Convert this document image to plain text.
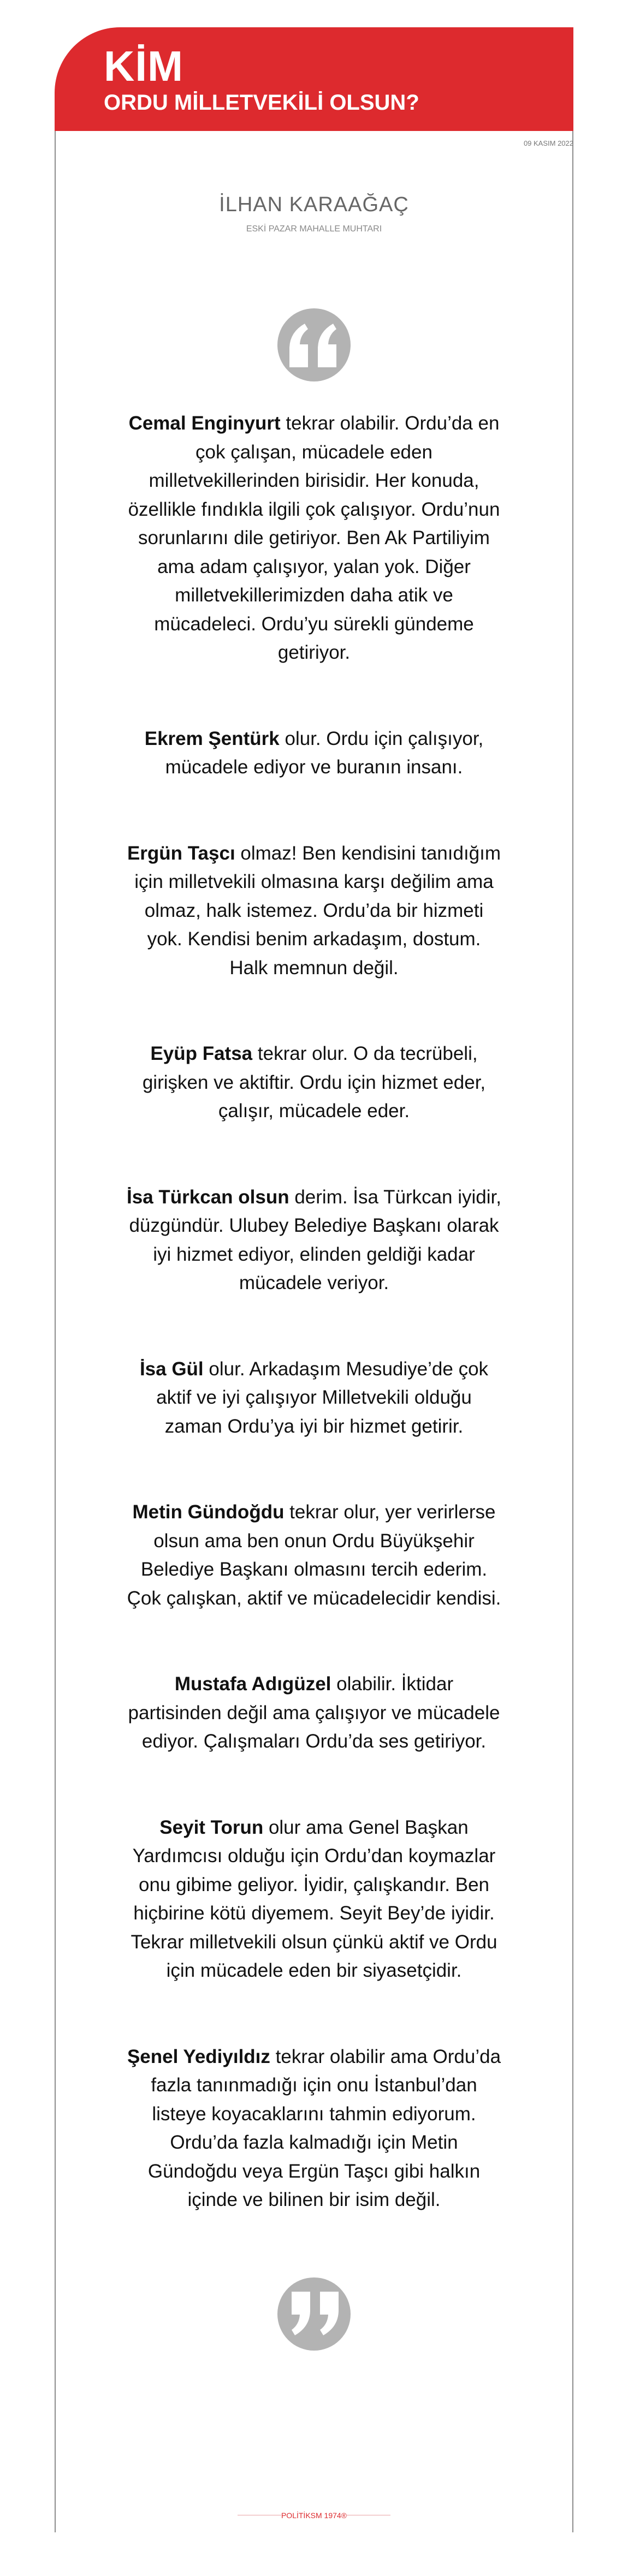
KİM
ORDU MİLLETVEKİLİ OLSUN?
09 KASIM 2022
İLHAN KARAAĞAÇ
ESKİ PAZAR MAHALLE MUHTARI

Cemal Enginyurt tekrar olabilir. Ordu’da en çok çalışan, mücadele eden milletvekillerinden birisidir. Her konuda, özellikle fındıkla ilgili çok çalışıyor. Ordu’nun sorunlarını dile getiriyor. Ben Ak Partiliyim ama adam çalışıyor, yalan yok. Diğer milletvekillerimizden daha atik ve mücadeleci. Ordu’yu sürekli gündeme getiriyor.

Ekrem Şentürk olur. Ordu için çalışıyor, mücadele ediyor ve buranın insanı.

Ergün Taşcı olmaz! Ben kendisini tanıdığım için milletvekili olmasına karşı değilim ama olmaz, halk istemez. Ordu’da bir hizmeti yok. Kendisi benim arkadaşım, dostum. Halk memnun değil.

Eyüp Fatsa tekrar olur. O da tecrübeli, girişken ve aktiftir. Ordu için hizmet eder, çalışır, mücadele eder.

İsa Türkcan olsun derim. İsa Türkcan iyidir, düzgündür. Ulubey Belediye Başkanı olarak iyi hizmet ediyor, elinden geldiği kadar mücadele veriyor.

İsa Gül olur. Arkadaşım Mesudiye’de çok aktif ve iyi çalışıyor Milletvekili olduğu zaman Ordu’ya iyi bir hizmet getirir.

Metin Gündoğdu tekrar olur, yer verirlerse olsun ama ben onun Ordu Büyükşehir Belediye Başkanı olmasını tercih ederim. Çok çalışkan, aktif ve mücadelecidir kendisi.

Mustafa Adıgüzel olabilir. İktidar partisinden değil ama çalışıyor ve mücadele ediyor. Çalışmaları Ordu’da ses getiriyor.

Seyit Torun olur ama Genel Başkan Yardımcısı olduğu için Ordu’dan koymazlar onu gibime geliyor. İyidir, çalışkandır. Ben hiçbirine kötü diyemem. Seyit Bey’de iyidir. Tekrar milletvekili olsun çünkü aktif ve Ordu için mücadele eden bir siyasetçidir.

Şenel Yediyıldız tekrar olabilir ama Ordu’da fazla tanınmadığı için onu İstanbul’dan listeye koyacaklarını tahmin ediyorum. Ordu’da fazla kalmadığı için Metin Gündoğdu veya Ergün Taşcı gibi halkın içinde ve bilinen bir isim değil.

POLİTİKSM 1974®
